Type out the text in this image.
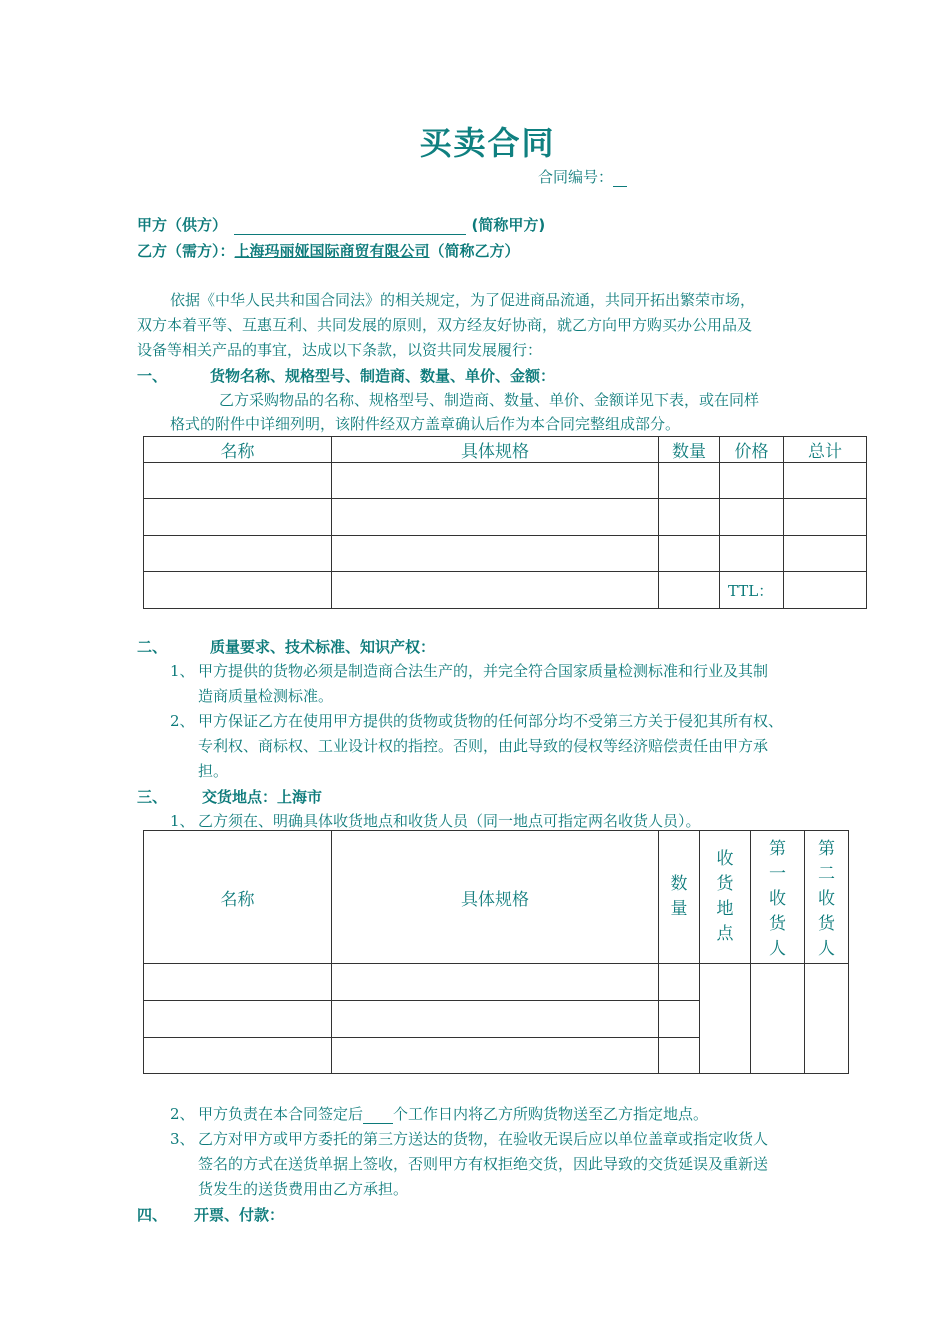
买卖合同
合同编号：
甲方（供方）	(简称甲方)
乙方（需方）：上海玛丽娅国际商贸有限公司（简称乙方）
依据《中华人民共和国合同法》的相关规定，为了促进商品流通，共同开拓出繁荣市场，
双方本着平等、互惠互利、共同发展的原则，双方经友好协商，就乙方向甲方购买办公用品及
设备等相关产品的事宜，达成以下条款，以资共同发展履行：
一、	货物名称、规格型号、制造商、数量、单价、金额：
乙方采购物品的名称、规格型号、制造商、数量、单价、金额详见下表，或在同样
格式的附件中详细列明，该附件经双方盖章确认后作为本合同完整组成部分。
名称	具体规格	数量	价格	总计

			TTL：	
二、	质量要求、技术标准、知识产权：
1、 甲方提供的货物必须是制造商合法生产的，并完全符合国家质量检测标准和行业及其制
造商质量检测标准。
2、 甲方保证乙方在使用甲方提供的货物或货物的任何部分均不受第三方关于侵犯其所有权、
专利权、商标权、工业设计权的指控。否则，由此导致的侵权等经济赔偿责任由甲方承
担。
三、 交货地点：上海市
1、 乙方须在、明确具体收货地点和收货人员（同一地点可指定两名收货人员）。
名称	具体规格	数量	收货地点	第一收货人	第二收货人

2、 甲方负责在本合同签定后 个工作日内将乙方所购货物送至乙方指定地点。
3、 乙方对甲方或甲方委托的第三方送达的货物，在验收无误后应以单位盖章或指定收货人
签名的方式在送货单据上签收，否则甲方有权拒绝交货，因此导致的交货延误及重新送
货发生的送货费用由乙方承担。
四、 开票、付款：
